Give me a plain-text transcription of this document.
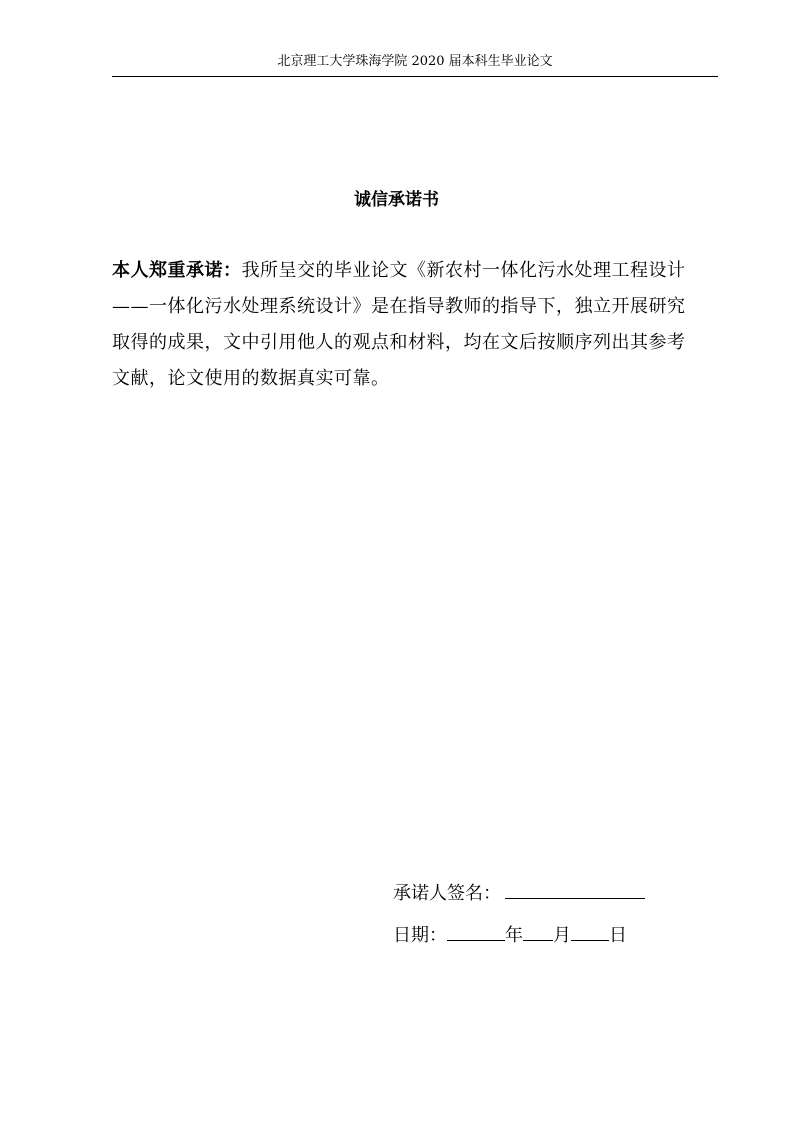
北京理工大学珠海学院 2020 届本科生毕业论文
诚信承诺书

本人郑重承诺：我所呈交的毕业论文《新农村一体化污水处理工程设计——一体化污水处理系统设计》是在指导教师的指导下，独立开展研究取得的成果，文中引用他人的观点和材料，均在文后按顺序列出其参考文献，论文使用的数据真实可靠。

承诺人签名：
日期：	年 月 日
